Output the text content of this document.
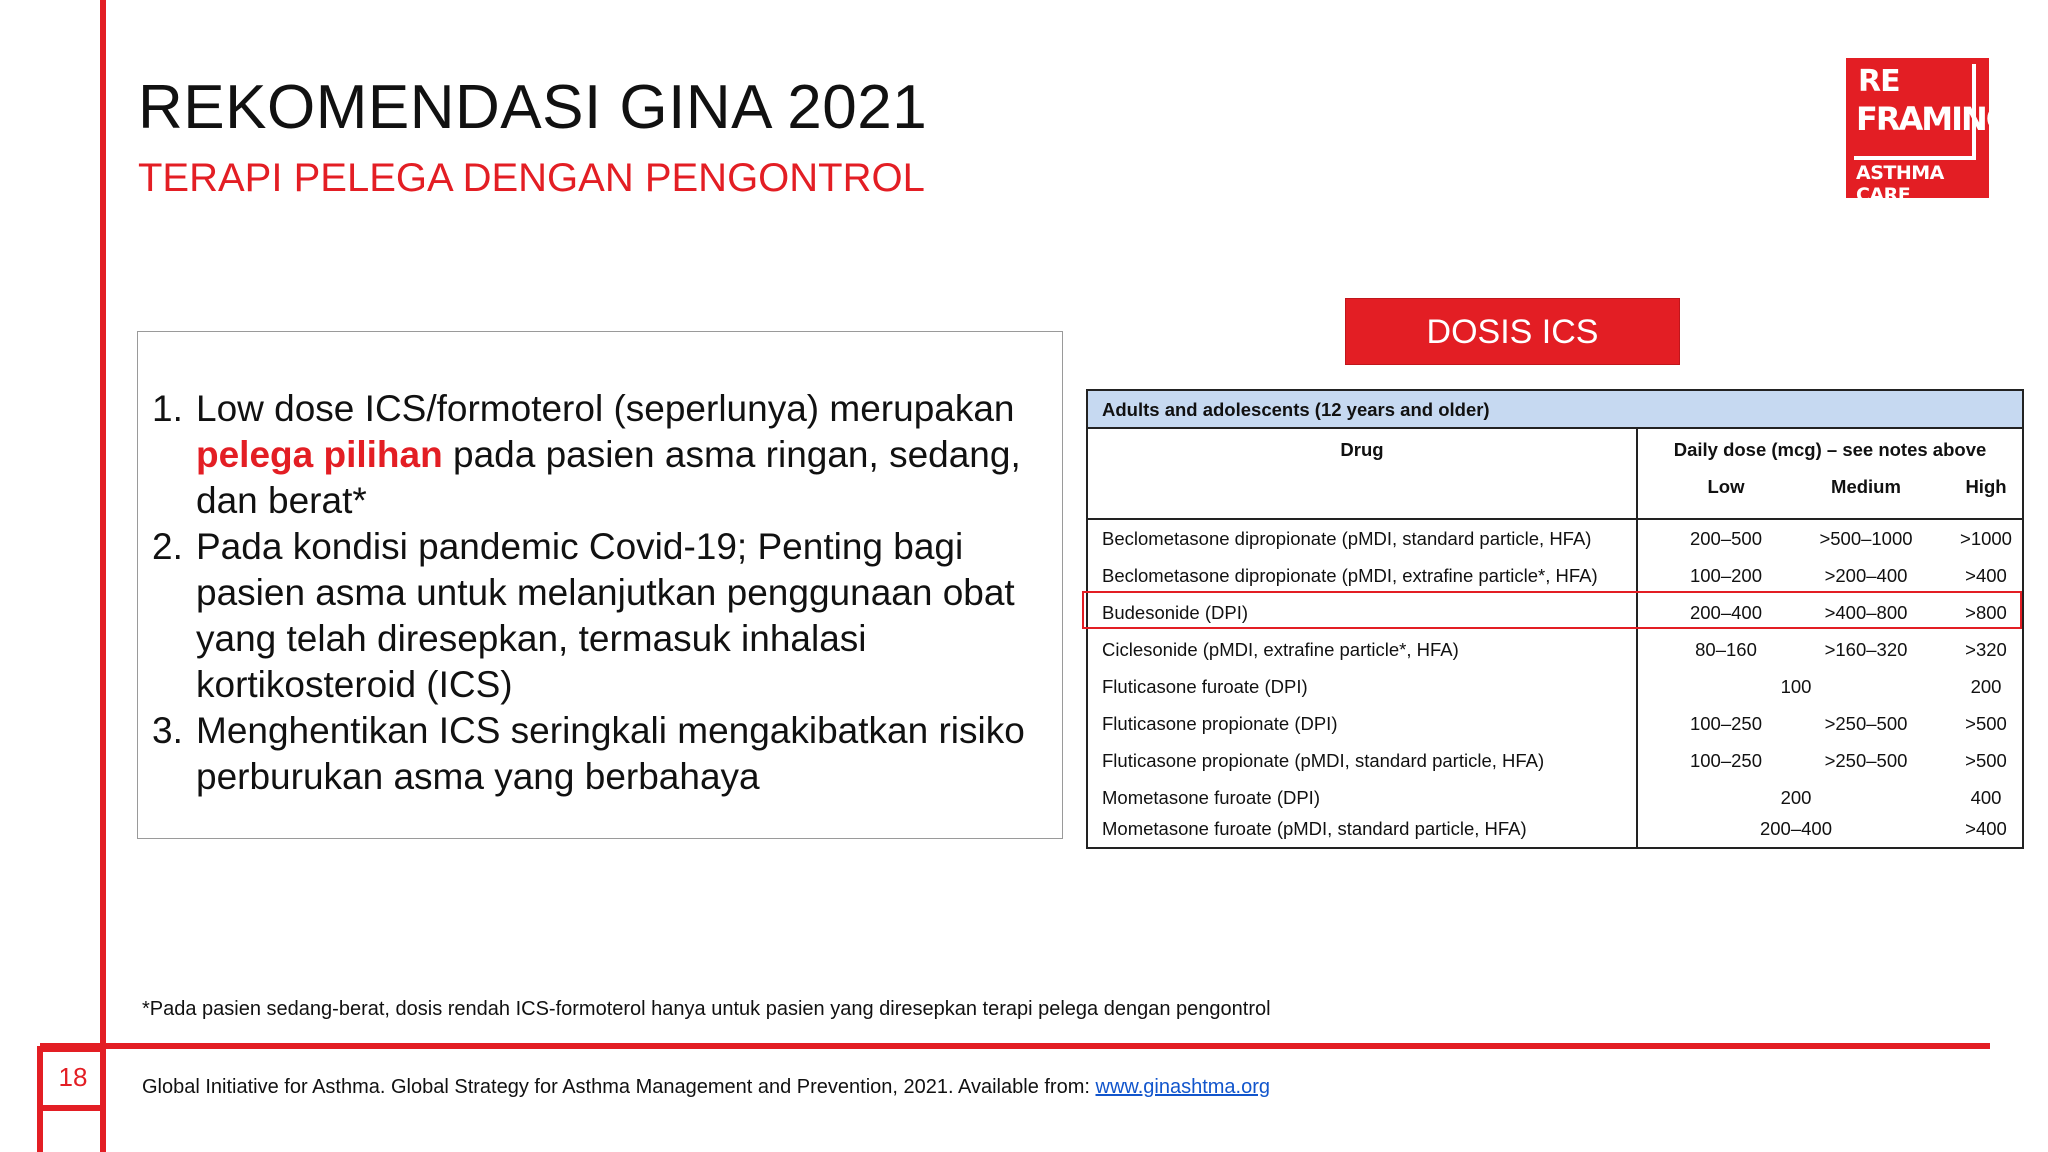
18
REKOMENDASI GINA 2021
TERAPI PELEGA DENGAN PENGONTROL
RE
FRAMING
ASTHMA CARE
1. Low dose ICS/formoterol (seperlunya) merupakan pelega pilihan pada pasien asma ringan, sedang, dan berat*
2. Pada kondisi pandemic Covid-19; Penting bagi pasien asma untuk melanjutkan penggunaan obat yang telah diresepkan, termasuk inhalasi kortikosteroid (ICS)
3. Menghentikan ICS seringkali mengakibatkan risiko perburukan asma yang berbahaya
DOSIS ICS
Adults and adolescents (12 years and older)
Drug	Daily dose (mcg) – see notes above
Low	Medium	High
Beclometasone dipropionate (pMDI, standard particle, HFA)	200–500	>500–1000	>1000
Beclometasone dipropionate (pMDI, extrafine particle*, HFA)	100–200	>200–400	>400
Budesonide (DPI)	200–400	>400–800	>800
Ciclesonide (pMDI, extrafine particle*, HFA)	80–160	>160–320	>320
Fluticasone furoate (DPI)	100	200
Fluticasone propionate (DPI)	100–250	>250–500	>500
Fluticasone propionate (pMDI, standard particle, HFA)	100–250	>250–500	>500
Mometasone furoate (DPI)	200	400
Mometasone furoate (pMDI, standard particle, HFA)	200–400	>400
*Pada pasien sedang-berat, dosis rendah ICS-formoterol hanya untuk pasien yang diresepkan terapi pelega dengan pengontrol
Global Initiative for Asthma. Global Strategy for Asthma Management and Prevention, 2021. Available from: www.ginashtma.org
